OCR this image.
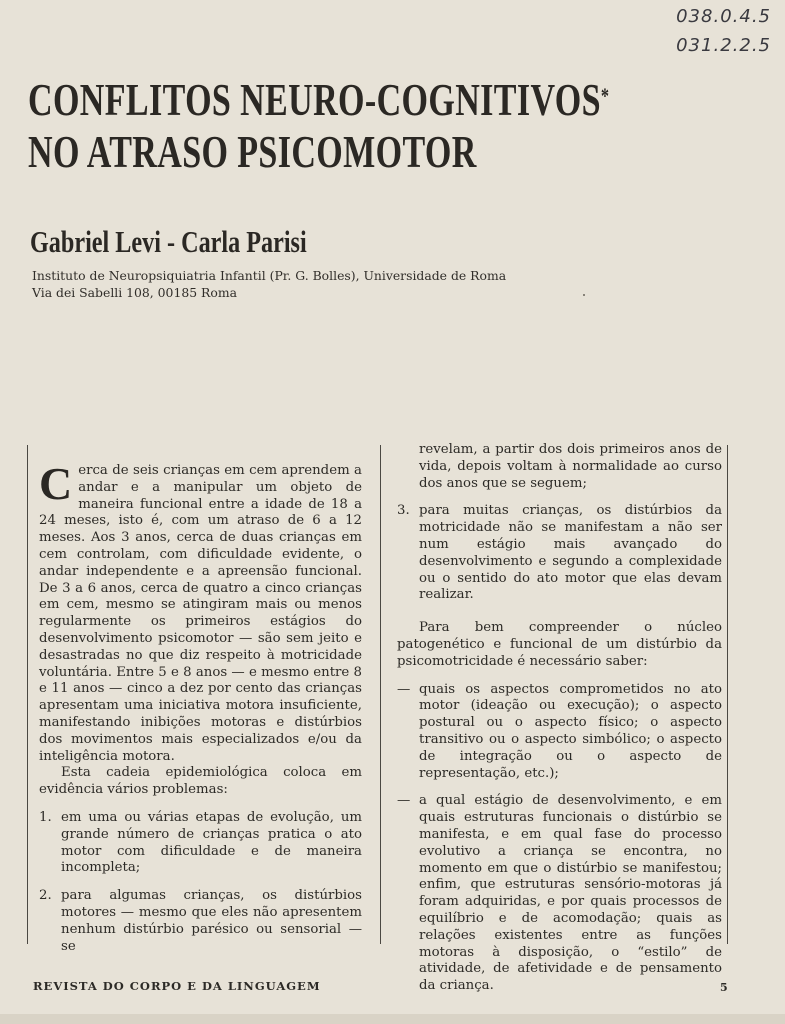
038.0.4.5
031.2.2.5
CONFLITOS NEURO-COGNITIVOS*
NO ATRASO PSICOMOTOR
Gabriel Levi - Carla Parisi
Instituto de Neuropsiquiatria Infantil (Pr. G. Bolles), Universidade de Roma
Via dei Sabelli 108, 00185 Roma

Cerca de seis crianças em cem aprendem a andar e a manipular um objeto de maneira funcional entre a idade de 18 a 24 meses, isto é, com um atraso de 6 a 12 meses. Aos 3 anos, cerca de duas crianças em cem controlam, com dificuldade evidente, o andar independente e a apreensão funcional. De 3 a 6 anos, cerca de quatro a cinco crianças em cem, mesmo se atingiram mais ou menos regularmente os primeiros estágios do desenvolvimento psicomotor — são sem jeito e desastradas no que diz respeito à motricidade voluntária. Entre 5 e 8 anos — e mesmo entre 8 e 11 anos — cinco a dez por cento das crianças apresentam uma iniciativa motora insuficiente, manifestando inibições motoras e distúrbios dos movimentos mais especializados e/ou da inteligência motora.

Esta cadeia epidemiológica coloca em evidência vários problemas:

1. em uma ou várias etapas de evolução, um grande número de crianças pratica o ato motor com dificuldade e de maneira incompleta;
2. para algumas crianças, os distúrbios motores — mesmo que eles não apresentem nenhum distúrbio parésico ou sensorial — se
revelam, a partir dos dois primeiros anos de vida, depois voltam à normalidade ao curso dos anos que se seguem;
3. para muitas crianças, os distúrbios da motricidade não se manifestam a não ser num estágio mais avançado do desenvolvimento e segundo a complexidade ou o sentido do ato motor que elas devam realizar.

Para bem compreender o núcleo patogenético e funcional de um distúrbio da psicomotricidade é necessário saber:

— quais os aspectos comprometidos no ato motor (ideação ou execução); o aspecto postural ou o aspecto físico; o aspecto transitivo ou o aspecto simbólico; o aspecto de integração ou o aspecto de representação, etc.);
— a qual estágio de desenvolvimento, e em quais estruturas funcionais o distúrbio se manifesta, e em qual fase do processo evolutivo a criança se encontra, no momento em que o distúrbio se manifestou; enfim, que estruturas sensório-motoras já foram adquiridas, e por quais processos de equilíbrio e de acomodação; quais as relações existentes entre as funções motoras à disposição, o “estilo” de atividade, de afetividade e de pensamento da criança.
REVISTA DO CORPO E DA LINGUAGEM	5
